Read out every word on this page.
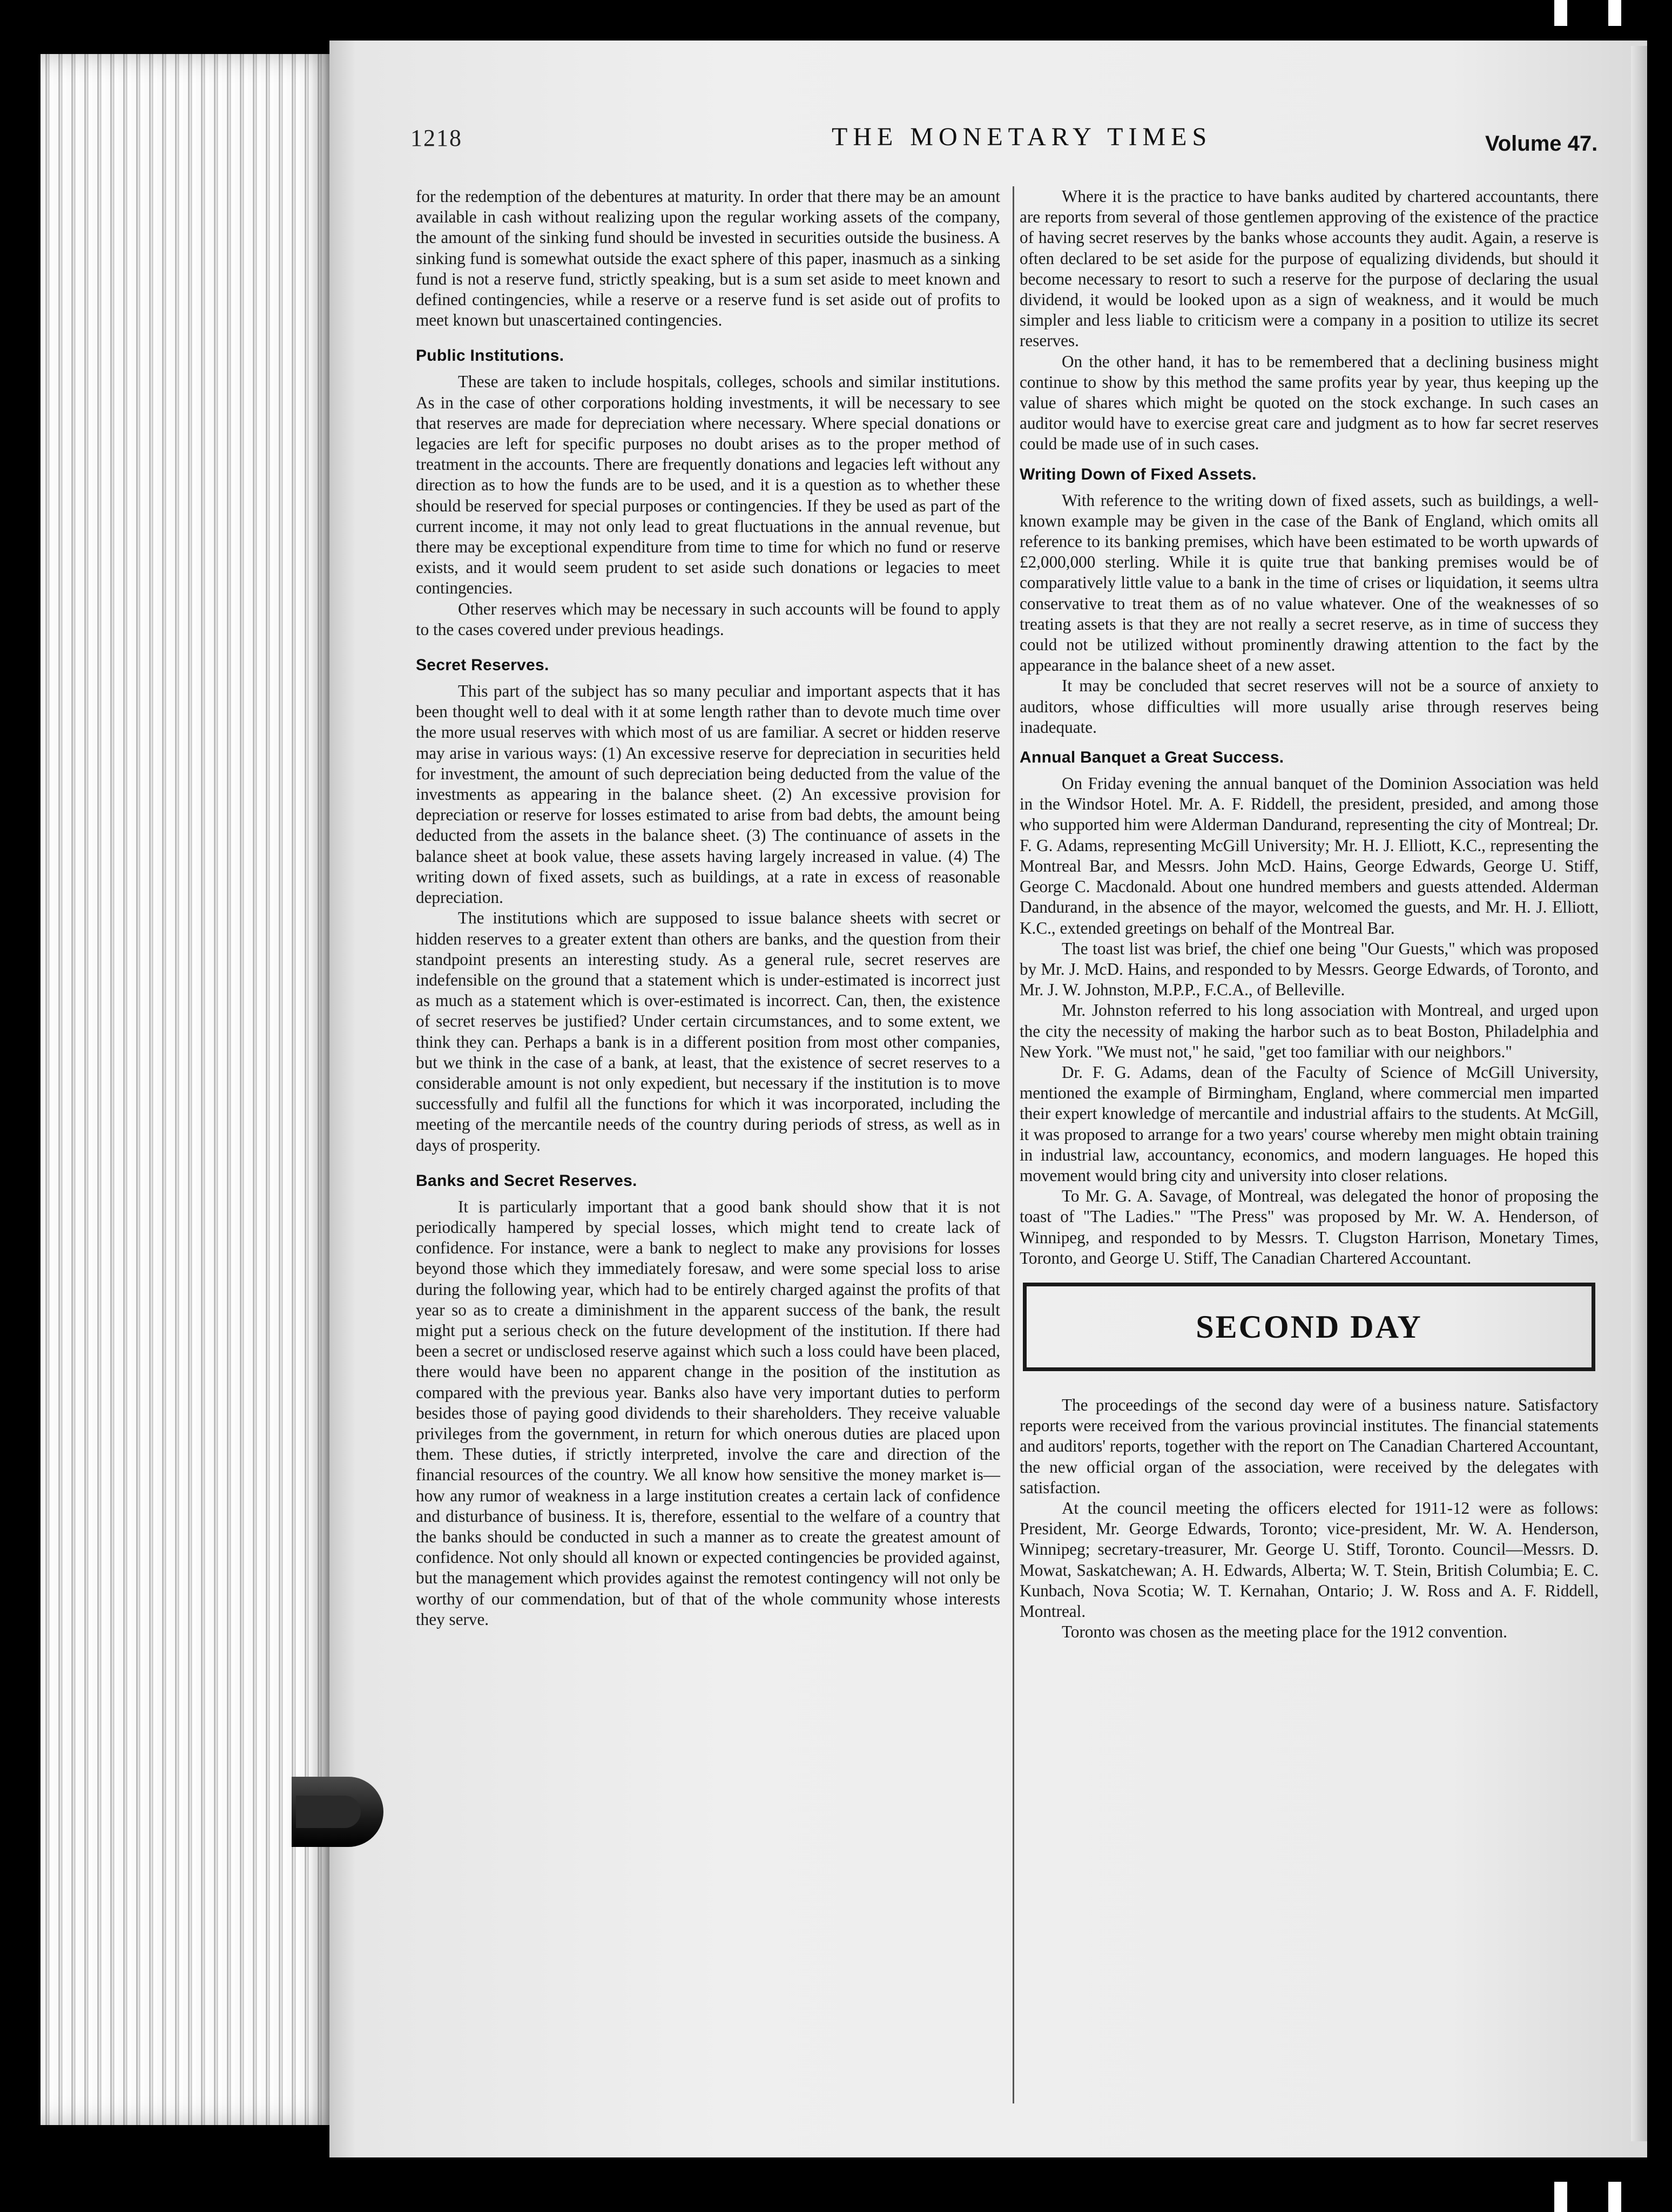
1218	THE MONETARY TIMES	Volume 47.

for the redemption of the debentures at maturity. In order that there may be an amount available in cash without realizing upon the regular working assets of the company, the amount of the sinking fund should be invested in securities outside the business. A sinking fund is somewhat outside the exact sphere of this paper, inasmuch as a sinking fund is not a reserve fund, strictly speaking, but is a sum set aside to meet known and defined contingencies, while a reserve or a reserve fund is set aside out of profits to meet known but unascertained contingencies.

Public Institutions.

These are taken to include hospitals, colleges, schools and similar institutions. As in the case of other corporations holding investments, it will be necessary to see that reserves are made for depreciation where necessary. Where special donations or legacies are left for specific purposes no doubt arises as to the proper method of treatment in the accounts. There are frequently donations and legacies left without any direction as to how the funds are to be used, and it is a question as to whether these should be reserved for special purposes or contingencies. If they be used as part of the current income, it may not only lead to great fluctuations in the annual revenue, but there may be exceptional expenditure from time to time for which no fund or reserve exists, and it would seem prudent to set aside such donations or legacies to meet contingencies.

Other reserves which may be necessary in such accounts will be found to apply to the cases covered under previous headings.

Secret Reserves.

This part of the subject has so many peculiar and important aspects that it has been thought well to deal with it at some length rather than to devote much time over the more usual reserves with which most of us are familiar. A secret or hidden reserve may arise in various ways: (1) An excessive reserve for depreciation in securities held for investment, the amount of such depreciation being deducted from the value of the investments as appearing in the balance sheet. (2) An excessive provision for depreciation or reserve for losses estimated to arise from bad debts, the amount being deducted from the assets in the balance sheet. (3) The continuance of assets in the balance sheet at book value, these assets having largely increased in value. (4) The writing down of fixed assets, such as buildings, at a rate in excess of reasonable depreciation.

The institutions which are supposed to issue balance sheets with secret or hidden reserves to a greater extent than others are banks, and the question from their standpoint presents an interesting study. As a general rule, secret reserves are indefensible on the ground that a statement which is under-estimated is incorrect just as much as a statement which is over-estimated is incorrect. Can, then, the existence of secret reserves be justified? Under certain circumstances, and to some extent, we think they can. Perhaps a bank is in a different position from most other companies, but we think in the case of a bank, at least, that the existence of secret reserves to a considerable amount is not only expedient, but necessary if the institution is to move successfully and fulfil all the functions for which it was incorporated, including the meeting of the mercantile needs of the country during periods of stress, as well as in days of prosperity.

Banks and Secret Reserves.

It is particularly important that a good bank should show that it is not periodically hampered by special losses, which might tend to create lack of confidence. For instance, were a bank to neglect to make any provisions for losses beyond those which they immediately foresaw, and were some special loss to arise during the following year, which had to be entirely charged against the profits of that year so as to create a diminishment in the apparent success of the bank, the result might put a serious check on the future development of the institution. If there had been a secret or undisclosed reserve against which such a loss could have been placed, there would have been no apparent change in the position of the institution as compared with the previous year. Banks also have very important duties to perform besides those of paying good dividends to their shareholders. They receive valuable privileges from the government, in return for which onerous duties are placed upon them. These duties, if strictly interpreted, involve the care and direction of the financial resources of the country. We all know how sensitive the money market is—how any rumor of weakness in a large institution creates a certain lack of confidence and disturbance of business. It is, therefore, essential to the welfare of a country that the banks should be conducted in such a manner as to create the greatest amount of confidence. Not only should all known or expected contingencies be provided against, but the management which provides against the remotest contingency will not only be worthy of our commendation, but of that of the whole community whose interests they serve.

Where it is the practice to have banks audited by chartered accountants, there are reports from several of those gentlemen approving of the existence of the practice of having secret reserves by the banks whose accounts they audit. Again, a reserve is often declared to be set aside for the purpose of equalizing dividends, but should it become necessary to resort to such a reserve for the purpose of declaring the usual dividend, it would be looked upon as a sign of weakness, and it would be much simpler and less liable to criticism were a company in a position to utilize its secret reserves.

On the other hand, it has to be remembered that a declining business might continue to show by this method the same profits year by year, thus keeping up the value of shares which might be quoted on the stock exchange. In such cases an auditor would have to exercise great care and judgment as to how far secret reserves could be made use of in such cases.

Writing Down of Fixed Assets.

With reference to the writing down of fixed assets, such as buildings, a well-known example may be given in the case of the Bank of England, which omits all reference to its banking premises, which have been estimated to be worth upwards of £2,000,000 sterling. While it is quite true that banking premises would be of comparatively little value to a bank in the time of crises or liquidation, it seems ultra conservative to treat them as of no value whatever. One of the weaknesses of so treating assets is that they are not really a secret reserve, as in time of success they could not be utilized without prominently drawing attention to the fact by the appearance in the balance sheet of a new asset.

It may be concluded that secret reserves will not be a source of anxiety to auditors, whose difficulties will more usually arise through reserves being inadequate.

Annual Banquet a Great Success.

On Friday evening the annual banquet of the Dominion Association was held in the Windsor Hotel. Mr. A. F. Riddell, the president, presided, and among those who supported him were Alderman Dandurand, representing the city of Montreal; Dr. F. G. Adams, representing McGill University; Mr. H. J. Elliott, K.C., representing the Montreal Bar, and Messrs. John McD. Hains, George Edwards, George U. Stiff, George C. Macdonald. About one hundred members and guests attended. Alderman Dandurand, in the absence of the mayor, welcomed the guests, and Mr. H. J. Elliott, K.C., extended greetings on behalf of the Montreal Bar.

The toast list was brief, the chief one being "Our Guests," which was proposed by Mr. J. McD. Hains, and responded to by Messrs. George Edwards, of Toronto, and Mr. J. W. Johnston, M.P.P., F.C.A., of Belleville.

Mr. Johnston referred to his long association with Montreal, and urged upon the city the necessity of making the harbor such as to beat Boston, Philadelphia and New York. "We must not," he said, "get too familiar with our neighbors."

Dr. F. G. Adams, dean of the Faculty of Science of McGill University, mentioned the example of Birmingham, England, where commercial men imparted their expert knowledge of mercantile and industrial affairs to the students. At McGill, it was proposed to arrange for a two years' course whereby men might obtain training in industrial law, accountancy, economics, and modern languages. He hoped this movement would bring city and university into closer relations.

To Mr. G. A. Savage, of Montreal, was delegated the honor of proposing the toast of "The Ladies." "The Press" was proposed by Mr. W. A. Henderson, of Winnipeg, and responded to by Messrs. T. Clugston Harrison, Monetary Times, Toronto, and George U. Stiff, The Canadian Chartered Accountant.

SECOND DAY

The proceedings of the second day were of a business nature. Satisfactory reports were received from the various provincial institutes. The financial statements and auditors' reports, together with the report on The Canadian Chartered Accountant, the new official organ of the association, were received by the delegates with satisfaction.

At the council meeting the officers elected for 1911-12 were as follows: President, Mr. George Edwards, Toronto; vice-president, Mr. W. A. Henderson, Winnipeg; secretary-treasurer, Mr. George U. Stiff, Toronto. Council—Messrs. D. Mowat, Saskatchewan; A. H. Edwards, Alberta; W. T. Stein, British Columbia; E. C. Kunbach, Nova Scotia; W. T. Kernahan, Ontario; J. W. Ross and A. F. Riddell, Montreal.

Toronto was chosen as the meeting place for the 1912 convention.
